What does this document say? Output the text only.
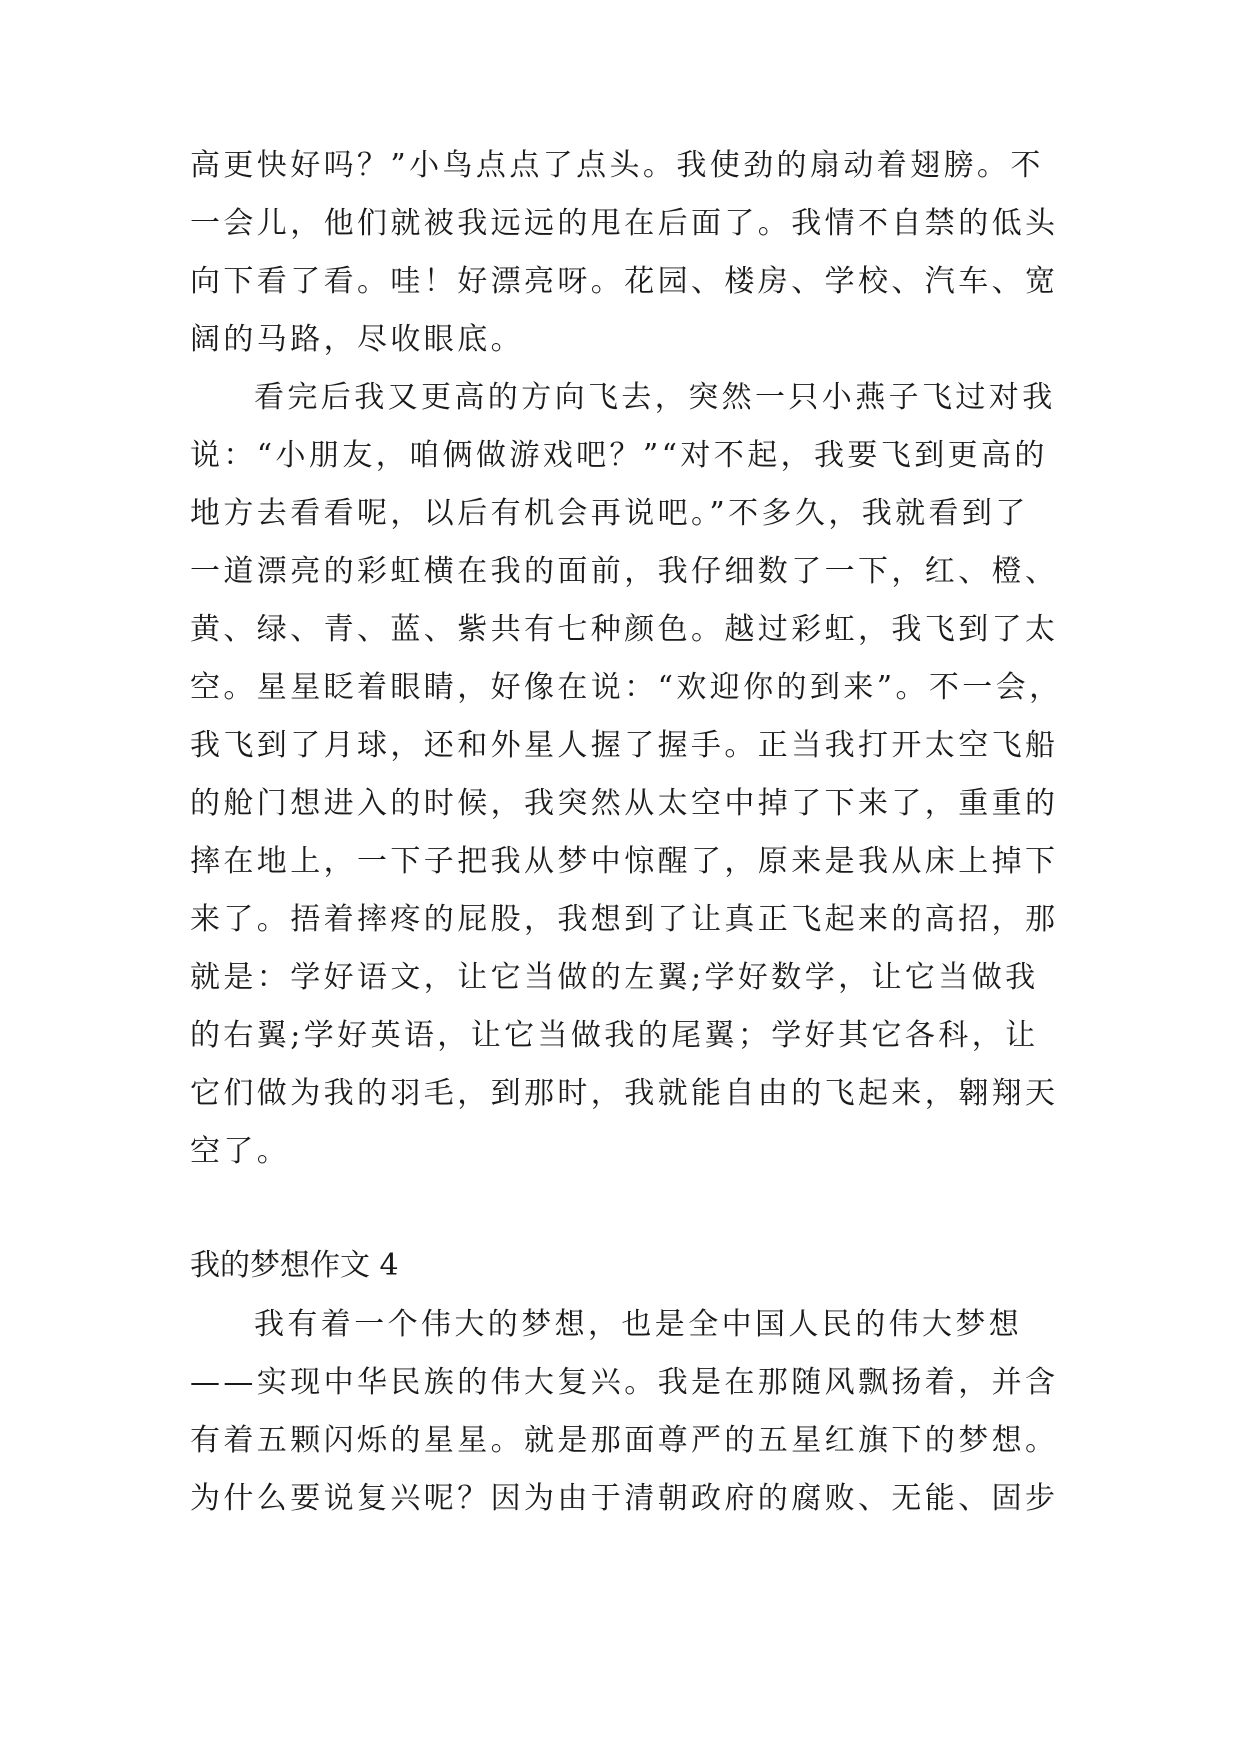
高更快好吗？”小鸟点点了点头。我使劲的扇动着翅膀。不
一会儿，他们就被我远远的甩在后面了。我情不自禁的低头
向下看了看。哇！好漂亮呀。花园、楼房、学校、汽车、宽
阔的马路，尽收眼底。
看完后我又更高的方向飞去，突然一只小燕子飞过对我
说：“小朋友，咱俩做游戏吧？”“对不起，我要飞到更高的
地方去看看呢，以后有机会再说吧。”不多久，我就看到了
一道漂亮的彩虹横在我的面前，我仔细数了一下，红、橙、
黄、绿、青、蓝、紫共有七种颜色。越过彩虹，我飞到了太
空。星星眨着眼睛，好像在说：“欢迎你的到来”。不一会，
我飞到了月球，还和外星人握了握手。正当我打开太空飞船
的舱门想进入的时候，我突然从太空中掉了下来了，重重的
摔在地上，一下子把我从梦中惊醒了，原来是我从床上掉下
来了。捂着摔疼的屁股，我想到了让真正飞起来的高招，那
就是：学好语文，让它当做的左翼;学好数学，让它当做我
的右翼;学好英语，让它当做我的尾翼；学好其它各科，让
它们做为我的羽毛，到那时，我就能自由的飞起来，翱翔天
空了。
我的梦想作文 4
我有着一个伟大的梦想，也是全中国人民的伟大梦想
——实现中华民族的伟大复兴。我是在那随风飘扬着，并含
有着五颗闪烁的星星。就是那面尊严的五星红旗下的梦想。
为什么要说复兴呢？因为由于清朝政府的腐败、无能、固步
